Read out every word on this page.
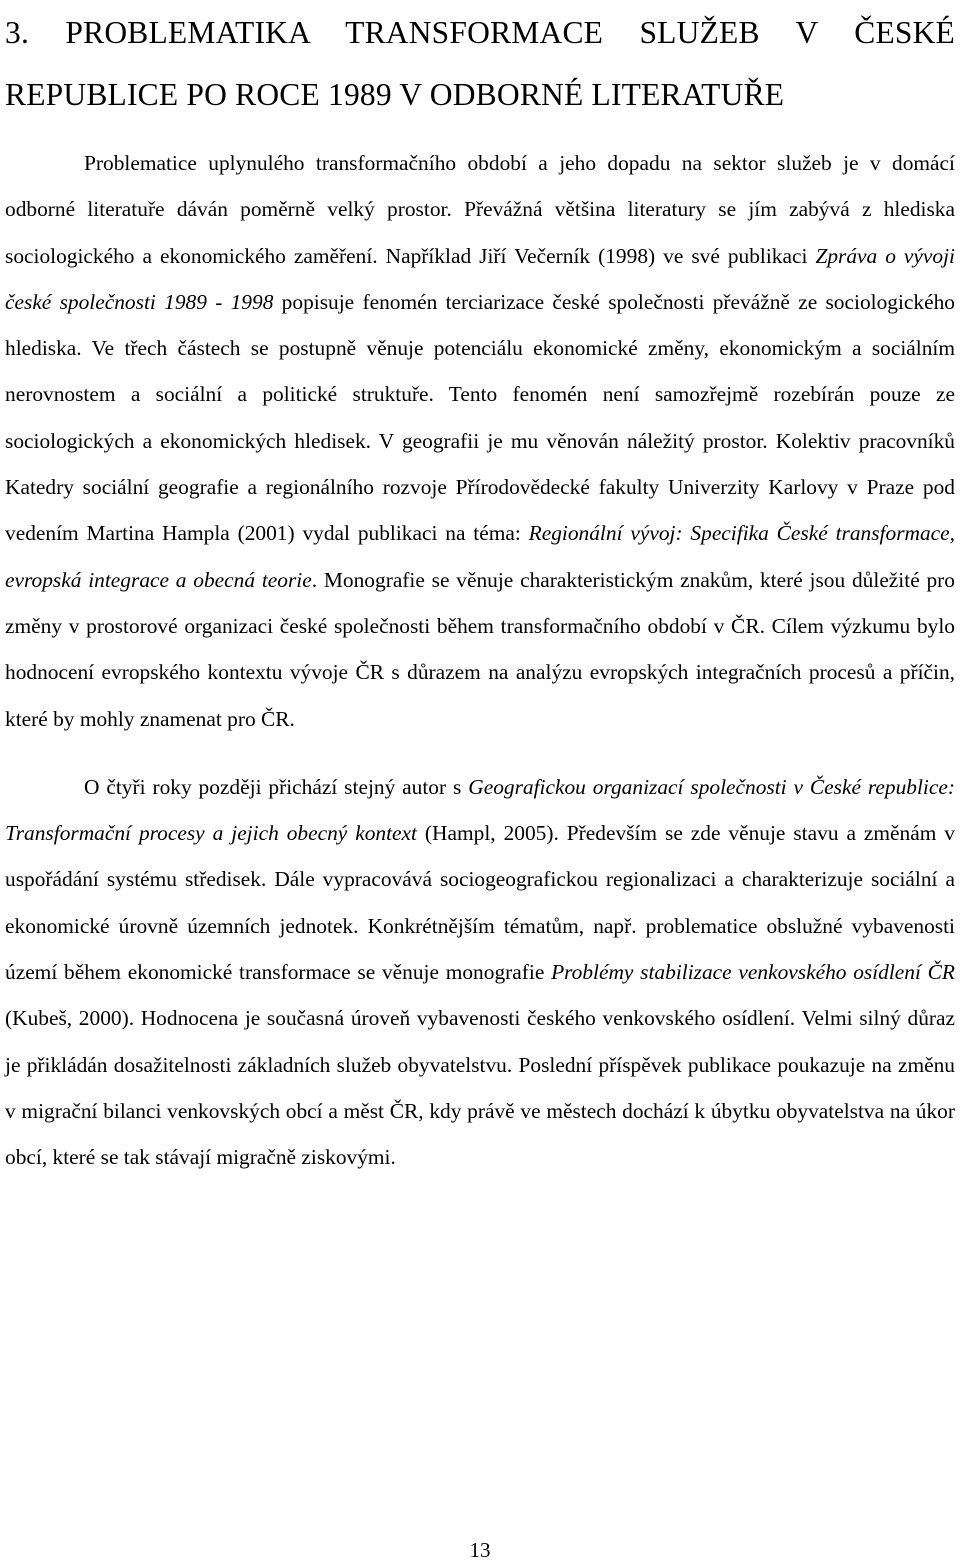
3. PROBLEMATIKA TRANSFORMACE SLUŽEB V ČESKÉ REPUBLICE PO ROCE 1989 V ODBORNÉ LITERATUŘE

Problematice uplynulého transformačního období a jeho dopadu na sektor služeb je v domácí odborné literatuře dáván poměrně velký prostor. Převážná většina literatury se jím zabývá z hlediska sociologického a ekonomického zaměření. Například Jiří Večerník (1998) ve své publikaci Zpráva o vývoji české společnosti 1989 - 1998 popisuje fenomén terciarizace české společnosti převážně ze sociologického hlediska. Ve třech částech se postupně věnuje potenciálu ekonomické změny, ekonomickým a sociálním nerovnostem a sociální a politické struktuře. Tento fenomén není samozřejmě rozebírán pouze ze sociologických a ekonomických hledisek. V geografii je mu věnován náležitý prostor. Kolektiv pracovníků Katedry sociální geografie a regionálního rozvoje Přírodovědecké fakulty Univerzity Karlovy v Praze pod vedením Martina Hampla (2001) vydal publikaci na téma: Regionální vývoj: Specifika České transformace, evropská integrace a obecná teorie. Monografie se věnuje charakteristickým znakům, které jsou důležité pro změny v prostorové organizaci české společnosti během transformačního období v ČR. Cílem výzkumu bylo hodnocení evropského kontextu vývoje ČR s důrazem na analýzu evropských integračních procesů a příčin, které by mohly znamenat pro ČR.

O čtyři roky později přichází stejný autor s Geografickou organizací společnosti v České republice: Transformační procesy a jejich obecný kontext (Hampl, 2005). Především se zde věnuje stavu a změnám v uspořádání systému středisek. Dále vypracovává sociogeografickou regionalizaci a charakterizuje sociální a ekonomické úrovně územních jednotek. Konkrétnějším tématům, např. problematice obslužné vybavenosti území během ekonomické transformace se věnuje monografie Problémy stabilizace venkovského osídlení ČR (Kubeš, 2000). Hodnocena je současná úroveň vybavenosti českého venkovského osídlení. Velmi silný důraz je přikládán dosažitelnosti základních služeb obyvatelstvu. Poslední příspěvek publikace poukazuje na změnu v migrační bilanci venkovských obcí a měst ČR, kdy právě ve městech dochází k úbytku obyvatelstva na úkor obcí, které se tak stávají migračně ziskovými.

13
